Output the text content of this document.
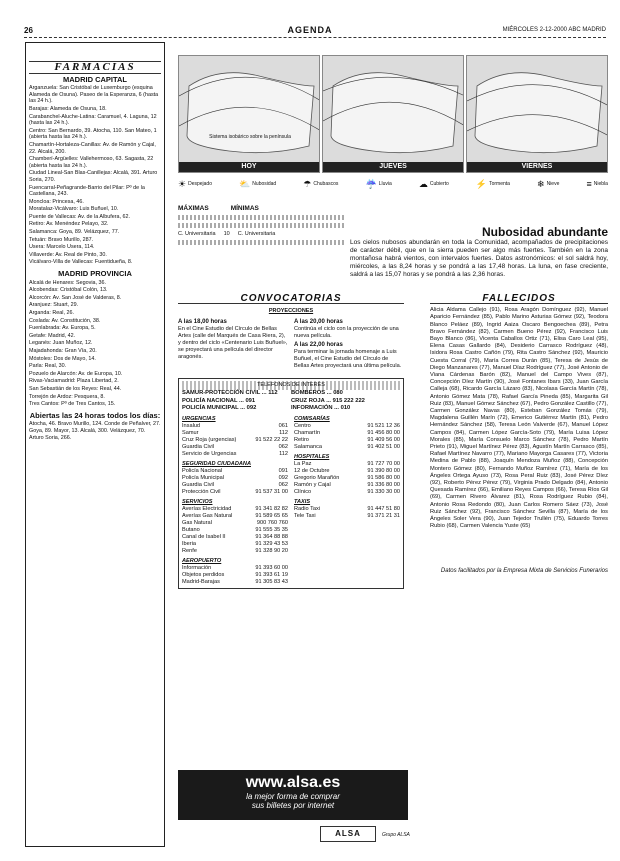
26	AGENDA	MIÉRCOLES 2-12-2000 ABC MADRID
FARMACIAS
MADRID CAPITAL

Arganzuela: San Cristóbal de Luxemburgo (esquina Alameda de Osuna). Paseo de la Esperanza, 6 (hasta las 24 h.).

Barajas: Alameda de Osuna, 18.

Carabanchel-Aluche-Latina: Caramuel, 4. Laguna, 12 (hasta las 24 h.).

Centro: San Bernardo, 39. Atocha, 110. San Mateo, 1 (abierta hasta las 24 h.).

Chamartín-Hortaleza-Canillas: Av. de Ramón y Cajal, 22. Alcalá, 200.

Chamberí-Argüelles: Vallehermoso, 63. Sagasta, 22 (abierta hasta las 24 h.).

Ciudad Lineal-San Blas-Canillejas: Alcalá, 391. Arturo Soria, 270.

Fuencarral-Peñagrande-Barrio del Pilar: Pº de la Castellana, 243.

Moncloa: Princesa, 46.

Moratalaz-Vicálvaro: Luis Buñuel, 10.

Puente de Vallecas: Av. de la Albufera, 62.

Retiro: Av. Menéndez Pelayo, 32.

Salamanca: Goya, 89. Velázquez, 77.

Tetuán: Bravo Murillo, 287.

Usera: Marcelo Usera, 114.

Villaverde: Av. Real de Pinto, 30.

Vicálvaro-Villa de Vallecas: Fuentidueña, 8.

MADRID PROVINCIA

Alcalá de Henares: Segovia, 36.

Alcobendas: Cristóbal Colón, 13.

Alcorcón: Av. San José de Valderas, 8.

Aranjuez: Stuart, 29.

Arganda: Real, 26.

Coslada: Av. Constitución, 38.

Fuenlabrada: Av. Europa, 5.

Getafe: Madrid, 42.

Leganés: Juan Muñoz, 12.

Majadahonda: Gran Vía, 20.

Móstoles: Dos de Mayo, 14.

Parla: Real, 30.

Pozuelo de Alarcón: Av. de Europa, 10.

Rivas-Vaciamadrid: Plaza Libertad, 2.

San Sebastián de los Reyes: Real, 44.

Torrejón de Ardoz: Pesquera, 8.

Tres Cantos: Pº de Tres Cantos, 15.

Abiertas las 24 horas todos los días:

Atocha, 46. Bravo Murillo, 124. Conde de Peñalver, 27. Goya, 89. Mayor, 13. Alcalá, 300. Velázquez, 70. Arturo Soria, 266.

Sistema isobárico sobre la península
HOY	JUEVES	VIERNES
☀ Despejado	⛅ Nubosidad	☂ Chubascos	☔ Lluvia	☁ Cubierto	⚡ Tormenta	❄ Nieve	≡ Niebla
MÁXIMAS	MÍNIMAS
C. Universitaria 10 C. Universitaria	Nubosidad abundante

Los cielos nubosos abundarán en toda la Comunidad, acompañados de precipitaciones de carácter débil, que en la sierra pueden ser algo más fuertes. También en la zona montañosa habrá vientos, con intervalos fuertes. Datos astronómicos: el sol saldrá hoy, miércoles, a las 8,24 horas y se pondrá a las 17,48 horas. La luna, en fase creciente, saldrá a las 15,07 horas y se pondrá a las 2,36 horas.

CONVOCATORIAS
PROYECCIONES
A las 18,00 horas
En el Cine Estudio del Círculo de Bellas Artes (calle del Marqués de Casa Riera, 2), y dentro del ciclo «Centenario Luis Buñuel», se proyectará una película del director aragonés.
A las 20,00 horas
Continúa el ciclo con la proyección de una nueva película.
A las 22,00 horas
Para terminar la jornada homenaje a Luis Buñuel, el Cine Estudio del Círculo de Bellas Artes proyectará una última película.
TELÉFONOS DE INTERÉS
SAMUR-PROTECCIÓN CIVIL ... 112
POLICÍA NACIONAL ... 091
POLICÍA MUNICIPAL ... 092
BOMBEROS ... 080
CRUZ ROJA ... 915 222 222
INFORMACIÓN ... 010
URGENCIAS
Insalud	061
Samur	112
Cruz Roja (urgencias)	91 522 22 22
Guardia Civil	062
Servicio de Urgencias	112
SEGURIDAD CIUDADANA
Policía Nacional	091
Policía Municipal	092
Guardia Civil	062
Protección Civil	91 537 31 00
SERVICIOS
Averías Electricidad	91 341 82 82
Averías Gas Natural	91 589 65 65
Gas Natural	900 760 760
Butano	91 555 35 35
Canal de Isabel II	91 364 88 88
Iberia	91 329 43 53
Renfe	91 328 90 20
AEROPUERTO
Información	91 393 60 00
Objetos perdidos	91 393 61 19
Madrid-Barajas	91 305 83 43
COMISARÍAS
Centro	91 521 12 36
Chamartín	91 456 80 00
Retiro	91 409 56 00
Salamanca	91 402 51 00
HOSPITALES
La Paz	91 727 70 00
12 de Octubre	91 390 80 00
Gregorio Marañón	91 586 80 00
Ramón y Cajal	91 336 80 00
Clínico	91 330 30 00
TAXIS
Radio Taxi	91 447 51 80
Tele Taxi	91 371 21 31
FALLECIDOS

Alicia Aldama Callejo (91), Rosa Aragón Domínguez (92), Manuel Aparicio Fernández (85), Pablo Marino Asturias Gómez (92), Teodora Blanco Peláez (89), Ingrid Aaiza Oscaro Bengoechea (89), Petra Bravo Fernández (82), Carmen Bueno Pérez (92), Francisco Luis Bayo Blanco (86), Vicenta Caballos Ortiz (71), Elisa Caro Leal (95), Elena Casas Gallardo (84), Desiderio Carrasco Rodríguez (48), Isidora Rosa Castro Cañón (79), Rita Castro Sánchez (92), Mauricio Cuesta Corral (79), María Correa Durán (85), Teresa de Jesús de Diego Manzanares (77), Manuel Díaz Rodríguez (77), José Antonio de Viana Cárdenas Barón (82), Manuel del Campo Vives (87), Concepción Díez Martín (90), José Fontanes Ibars (33), Juan García Calleja (68), Ricardo García Lázaro (83), Nicolasa García Martín (78), Antonio Gómez Mata (78), Rafael García Pineda (85), Margarita Gil Ruiz (83), Manuel Gómez Sánchez (67), Pedro González Castillo (77), Carmen González Navas (80), Esteban González Tomás (79), Magdalena Guillén Marín (72), Emerico Gutiérrez Martín (81), Pedro Hernández Sánchez (58), Teresa León Valverde (67), Manuel López Campos (84), Carmen López García-Soto (79), María Luisa López Morales (85), María Consuelo Marco Sánchez (78), Pedro Martín Prieto (91), Miguel Martínez Pérez (83), Agustín Martín Carrasco (85), Rafael Martínez Navarro (77), Mariano Mayorga Casares (77), Victoria Medina de Pablo (88), Joaquín Mendoza Muñoz (88), Concepción Montero Gómez (80), Fernando Muñoz Ramírez (71), María de los Ángeles Ortega Ayuso (73), Rosa Peral Ruiz (83), José Pérez Díez (92), Roberto Pérez Pérez (79), Virginia Prado Delgado (84), Antonio Quesada Ramírez (66), Emiliano Reyes Campos (66), Teresa Ríos Gil (69), Carmen Rivero Álvarez (81), Rosa Rodríguez Rubio (84), Antonio Rosa Redondo (80), Juan Carlos Romero Sáez (73), José Ruiz Sánchez (92), Francisco Sánchez Sevilla (87), María de los Ángeles Soler Vera (90), Juan Tejedor Trullén (75), Eduardo Torres Rubio (68), Carmen Valencia Yuste (65)

Datos facilitados por la Empresa Mixta de Servicios Funerarios
www.alsa.es
la mejor forma de comprar
sus billetes por internet
ALSA	Grupo ALSA
